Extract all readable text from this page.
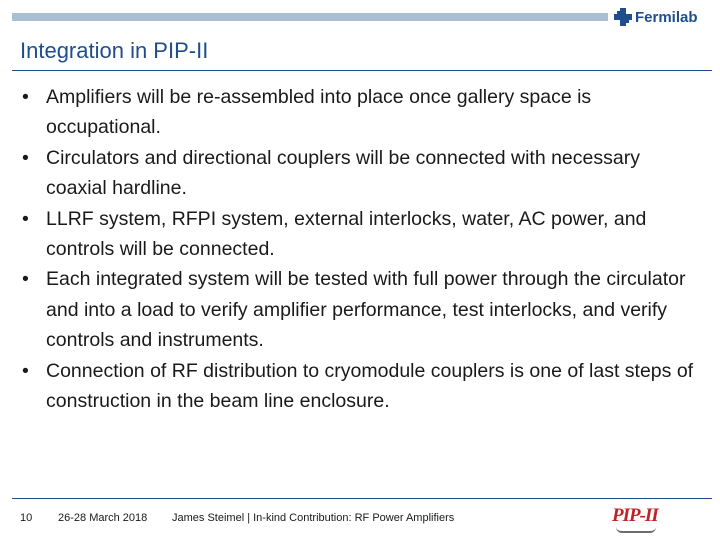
Fermilab
Integration in PIP-II
• Amplifiers will be re-assembled into place once gallery space is occupational.
• Circulators and directional couplers will be connected with necessary coaxial hardline.
• LLRF system, RFPI system, external interlocks, water, AC power, and controls will be connected.
• Each integrated system will be tested with full power through the circulator and into a load to verify amplifier performance, test interlocks, and verify controls and instruments.
• Connection of RF distribution to cryomodule couplers is one of last steps of construction in the beam line enclosure.
10 26-28 March 2018 James Steimel | In-kind Contribution: RF Power Amplifiers	PIP-II
